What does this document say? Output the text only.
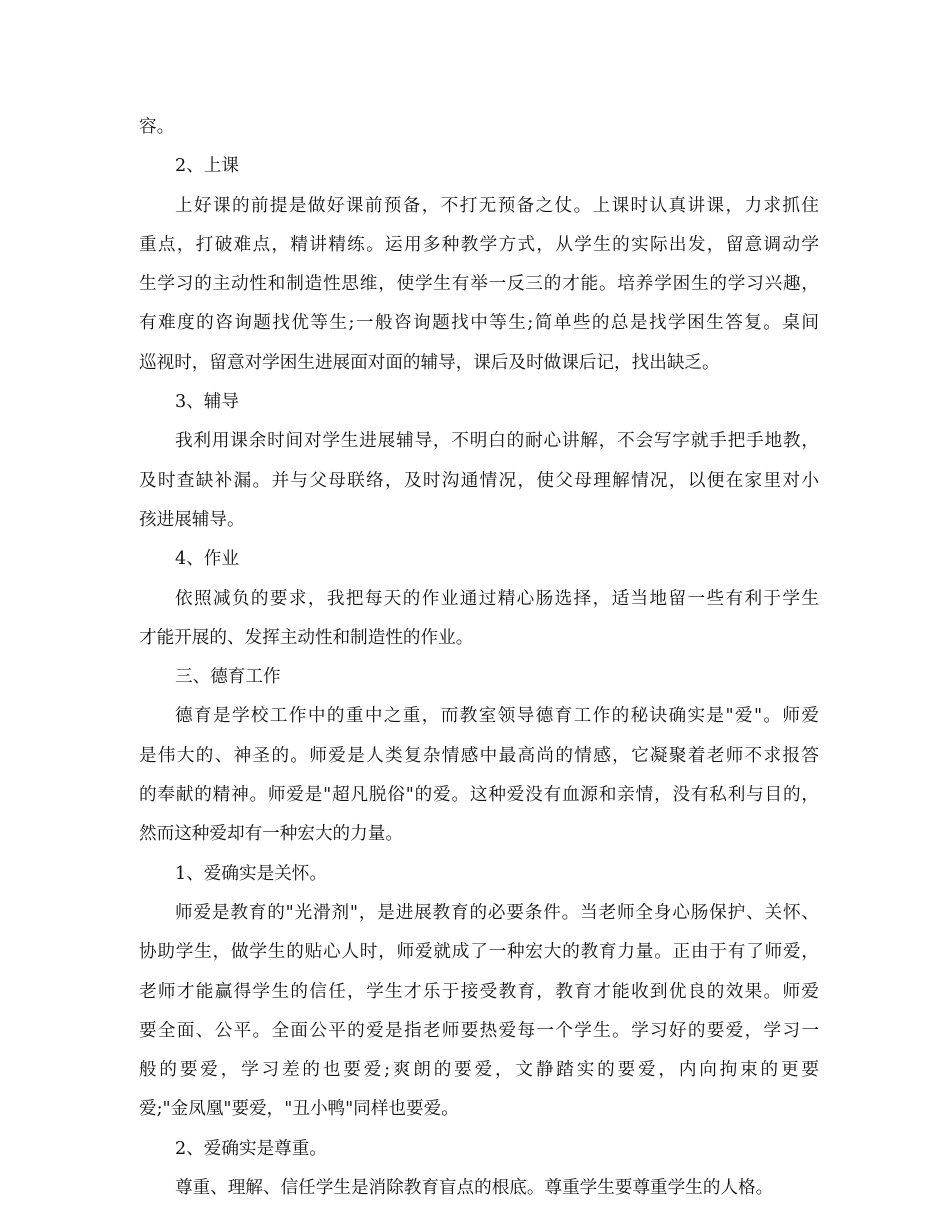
容。
2、上课
上好课的前提是做好课前预备，不打无预备之仗。上课时认真讲课，力求抓住
重点，打破难点，精讲精练。运用多种教学方式，从学生的实际出发，留意调动学
生学习的主动性和制造性思维，使学生有举一反三的才能。培养学困生的学习兴趣，
有难度的咨询题找优等生;一般咨询题找中等生;简单些的总是找学困生答复。桌间
巡视时，留意对学困生进展面对面的辅导，课后及时做课后记，找出缺乏。
3、辅导
我利用课余时间对学生进展辅导，不明白的耐心讲解，不会写字就手把手地教，
及时查缺补漏。并与父母联络，及时沟通情况，使父母理解情况，以便在家里对小
孩进展辅导。
4、作业
依照减负的要求，我把每天的作业通过精心肠选择，适当地留一些有利于学生
才能开展的、发挥主动性和制造性的作业。
三、德育工作
德育是学校工作中的重中之重，而教室领导德育工作的秘诀确实是"爱"。师爱
是伟大的、神圣的。师爱是人类复杂情感中最高尚的情感，它凝聚着老师不求报答
的奉献的精神。师爱是"超凡脱俗"的爱。这种爱没有血源和亲情，没有私利与目的，
然而这种爱却有一种宏大的力量。
1、爱确实是关怀。
师爱是教育的"光滑剂"，是进展教育的必要条件。当老师全身心肠保护、关怀、
协助学生，做学生的贴心人时，师爱就成了一种宏大的教育力量。正由于有了师爱，
老师才能赢得学生的信任，学生才乐于接受教育，教育才能收到优良的效果。师爱
要全面、公平。全面公平的爱是指老师要热爱每一个学生。学习好的要爱，学习一
般的要爱，学习差的也要爱;爽朗的要爱，文静踏实的要爱，内向拘束的更要
爱;"金凤凰"要爱，"丑小鸭"同样也要爱。
2、爱确实是尊重。
尊重、理解、信任学生是消除教育盲点的根底。尊重学生要尊重学生的人格。
